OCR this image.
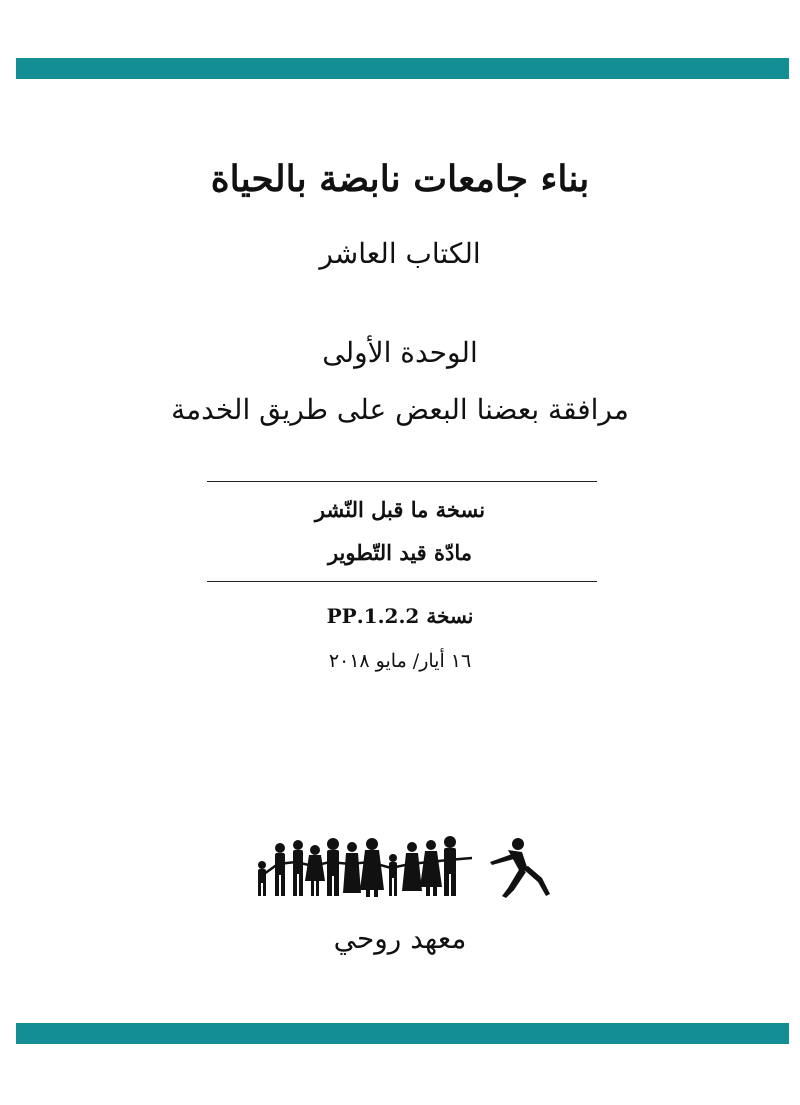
بناء جامعات نابضة بالحياة
الكتاب العاشر
الوحدة الأولى
مرافقة بعضنا البعض على طريق الخدمة
نسخة ما قبل النّشر
مادّة قيد التّطوير
نسخة 1.2.2.PP
١٦ أيار/ مايو ٢٠١٨
معهد روحي
